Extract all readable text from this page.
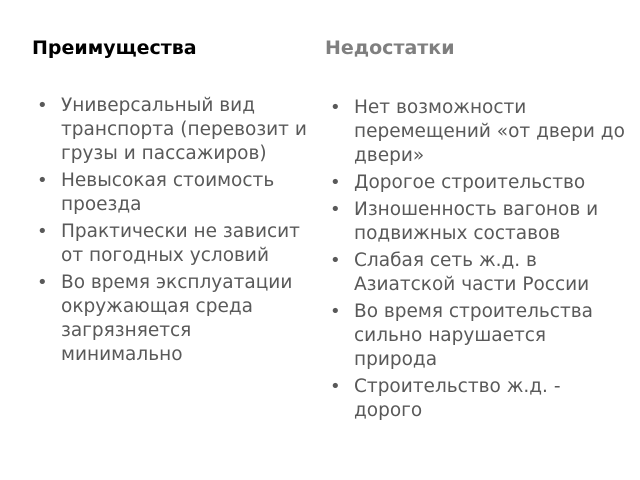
Преимущества
• Универсальный вид транспорта (перевозит и грузы и пассажиров)
• Невысокая стоимость проезда
• Практически не зависит от погодных условий
• Во время эксплуатации окружающая среда загрязняется минимально
Недостатки
• Нет возможности перемещений «от двери до двери»
• Дорогое строительство
• Изношенность вагонов и подвижных составов
• Слабая сеть ж.д. в Азиатской части России
• Во время строительства сильно нарушается природа
• Строительство ж.д. - дорого
